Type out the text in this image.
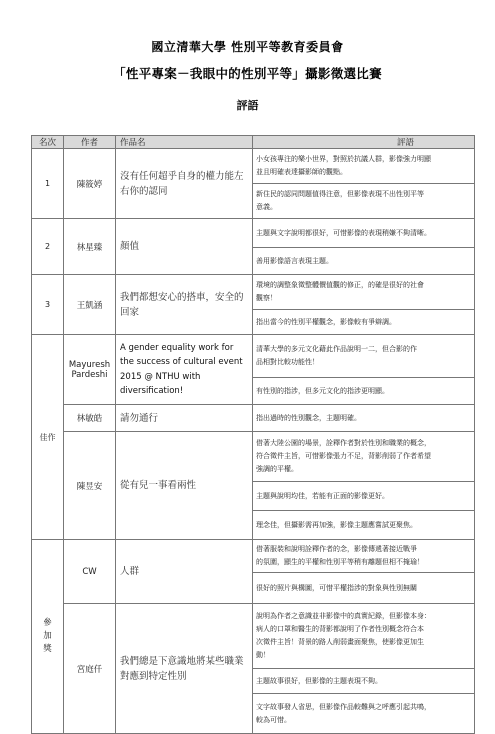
國立清華大學 性別平等教育委員會
「性平專案－我眼中的性別平等」攝影徵選比賽
評語
名次	作者	作品名	評語
1	陳筱婷	沒有任何超乎自身的權力能左右你的認同	小女孩專注的樂小世界，對照於抗議人群，影像強力明顯
並且明確表達攝影師的觀點。

			新住民的認同問題值得注意，但影像表現不出性別平等
意義。

2	林星臻	顏值	主題與文字說明都很好，可惜影像的表現稍嫌不夠清晰。

			善用影像語言表現主題。

3	王凱涵	我們都想安心的搭車，安全的回家	環境的調整象徵整體價值觀的修正，的確是很好的社會
觀察！

			指出當今的性別平權觀念，影像較有爭辯調。

佳作	Mayuresh Pardeshi	A gender equality work for the success of cultural event 2015 @ NTHU with diversification!	清華大學的多元文化藉此作品說明一二，但合影的作
品相對比較功能性！

			有性別的指涉，但多元文化的指涉更明顯。

	林敏皓	請勿通行	指出過時的性別觀念，主題明確。

	陳昱安	從有兒一事看兩性	借著大陸公園的場景，詮釋作者對於性別和職業的概念，
符合徵件主旨，可惜影像張力不足，背影削弱了作者希望
強調的平權。

			主題與說明均佳，若能有正面的影像更好。

			理念佳，但攝影需再加強，影像主題應嘗試更聚焦。

參加獎	CW	人群	借著服裝和說明詮釋作者的念，影像傳遞著接近戰爭
的氛圍，顯生的平權和性別平等稍有離題但相不掩瑜！

			很好的照片與構圖，可惜平權指涉的對象與性別無關

	宮庭仟	我們總是下意識地將某些職業對應到特定性別	說明為作者之意識並非影像中的真實紀錄，但影像本身：
病人的口罩和醫生的背影都說明了作者性別概念符合本
次徵件主旨！背景的路人削弱畫面聚焦，使影像更加生
動！

			主題故事很好，但影像的主題表現不夠。

			文字故事發人省思，但影像作品較難與之呼應引起共鳴，
較為可惜。
